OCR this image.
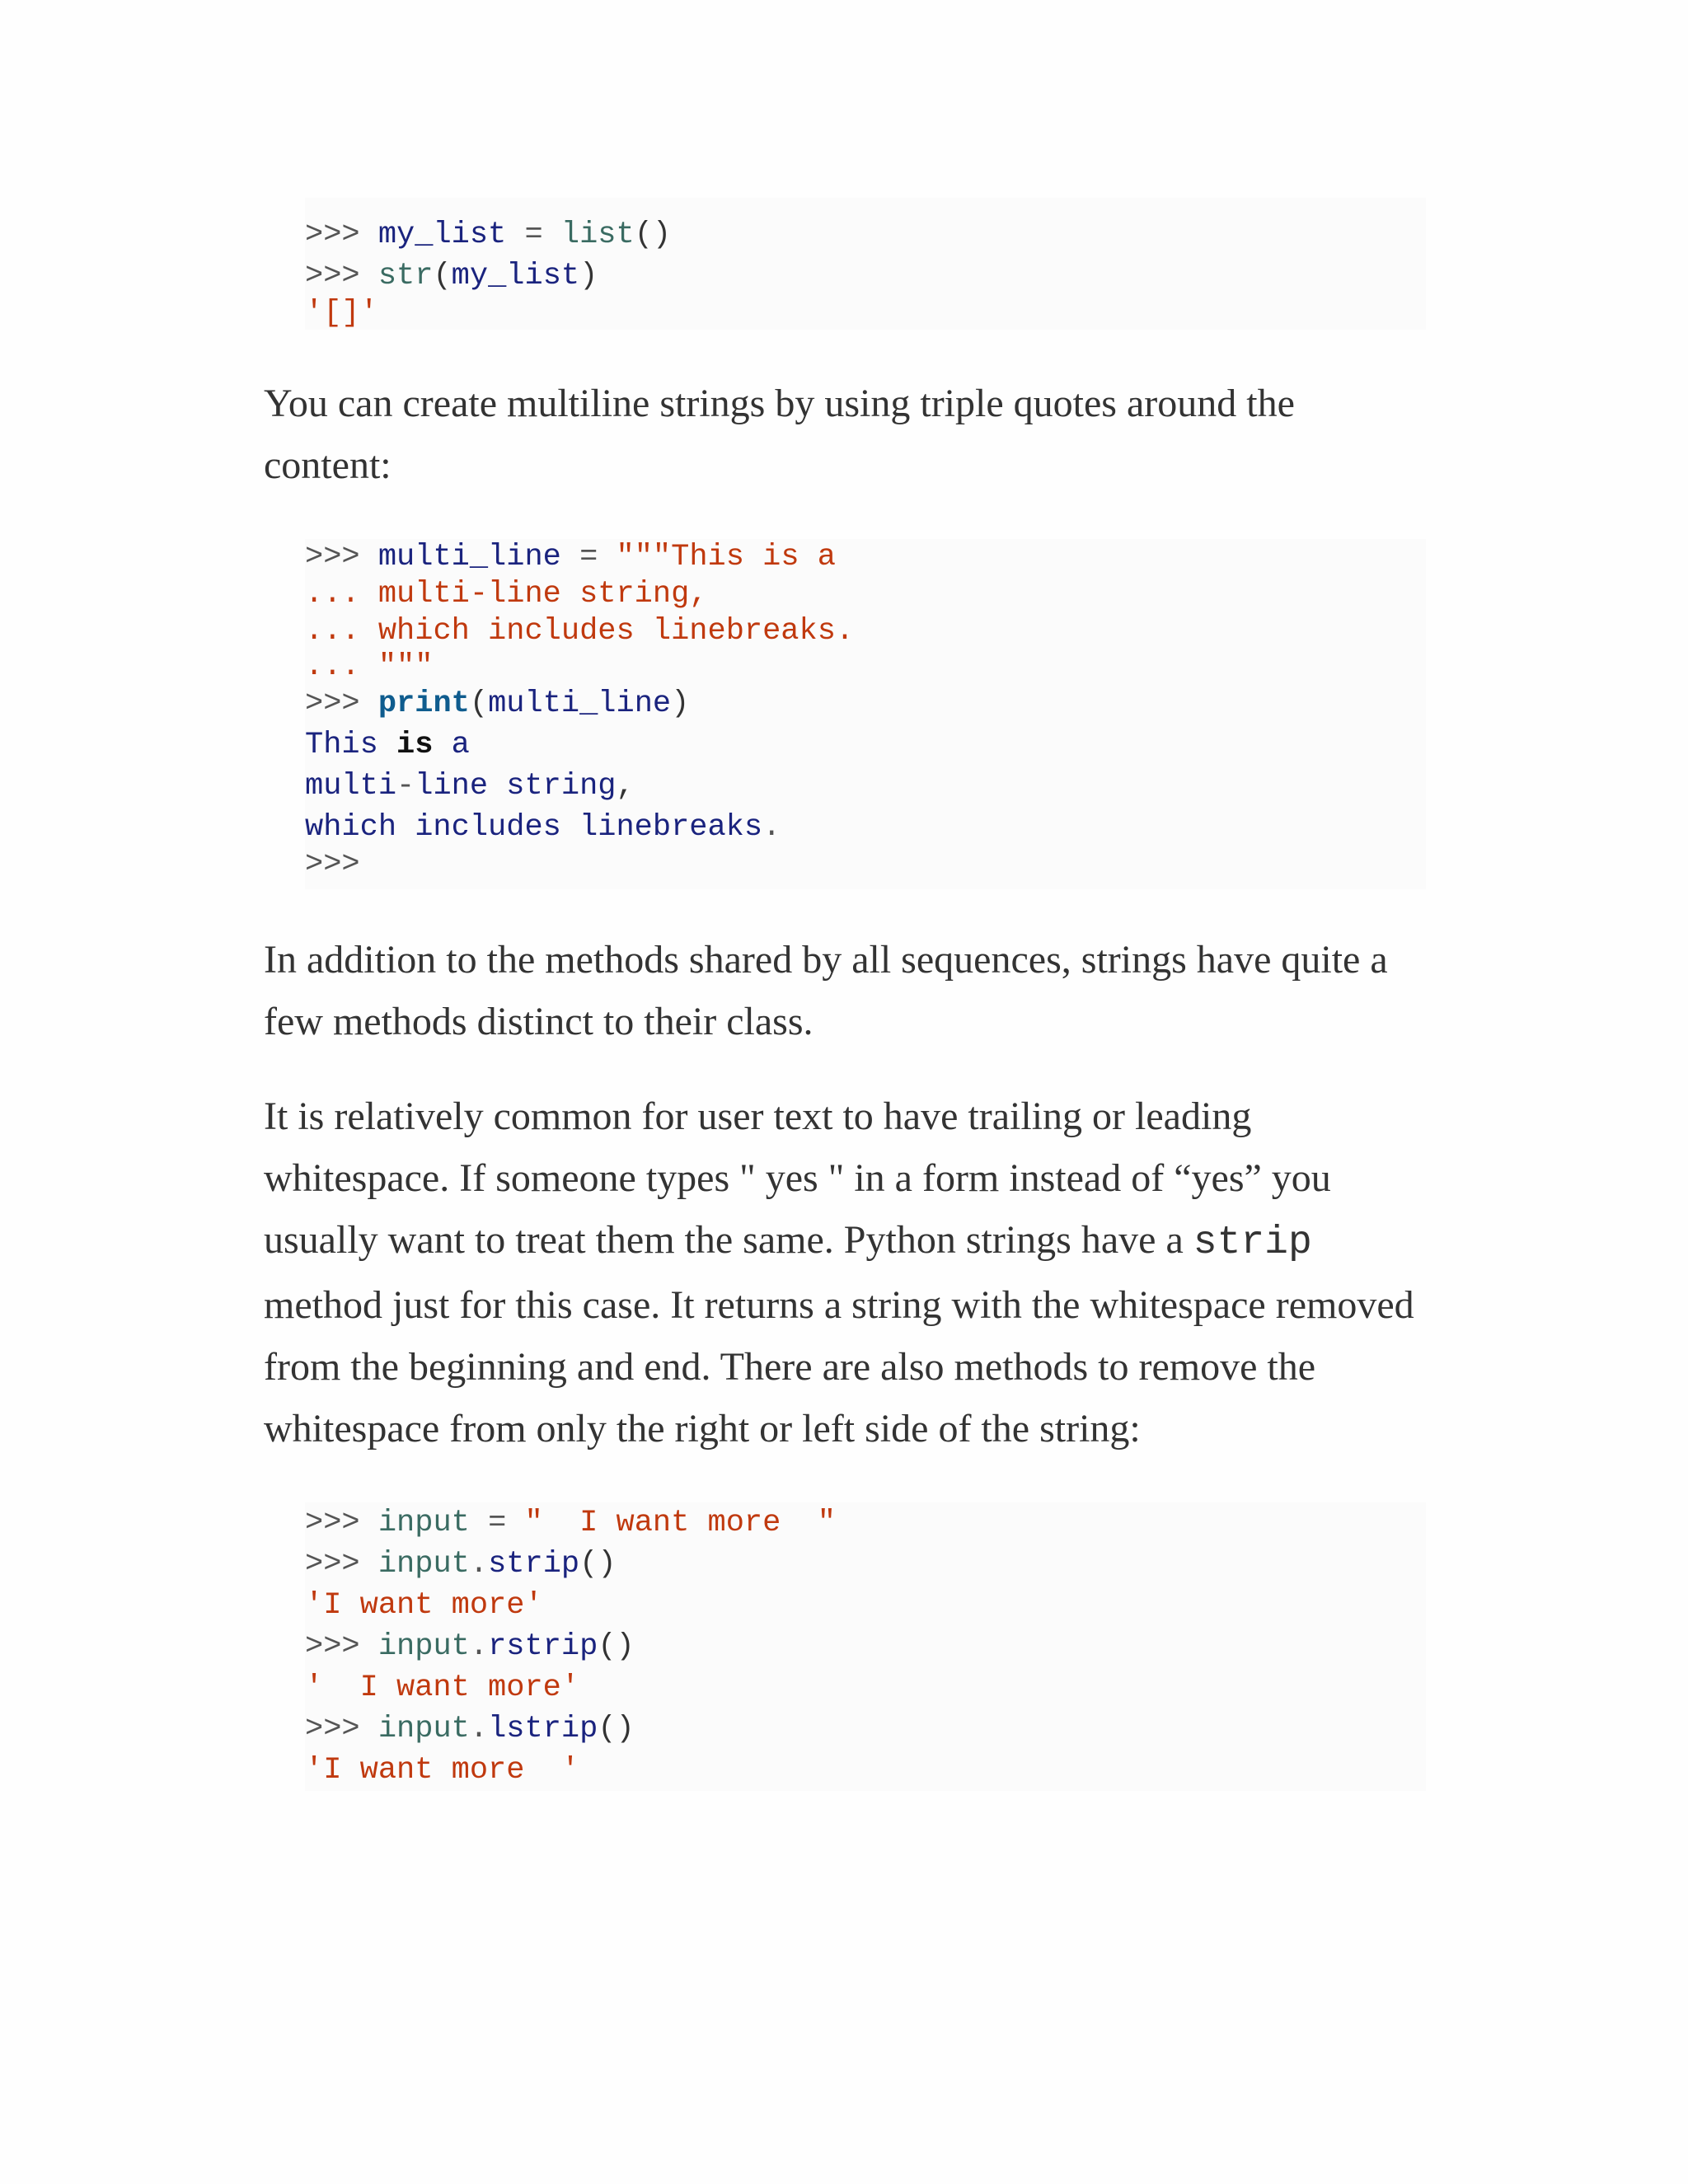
>>> my_list = list()
>>> str(my_list)
'[]'

You can create multiline strings by using triple quotes around the content:

>>> multi_line = """This is a
... multi-line string,
... which includes linebreaks.
... """
>>> print(multi_line)
This is a
multi-line string,
which includes linebreaks.
>>>

In addition to the methods shared by all sequences, strings have quite a few methods distinct to their class.

It is relatively common for user text to have trailing or leading whitespace. If someone types " yes " in a form instead of “yes” you usually want to treat them the same. Python strings have a strip method just for this case. It returns a string with the whitespace removed from the beginning and end. There are also methods to remove the whitespace from only the right or left side of the string:

>>> input = "  I want more  "
>>> input.strip()
'I want more'
>>> input.rstrip()
'  I want more'
>>> input.lstrip()
'I want more  '
